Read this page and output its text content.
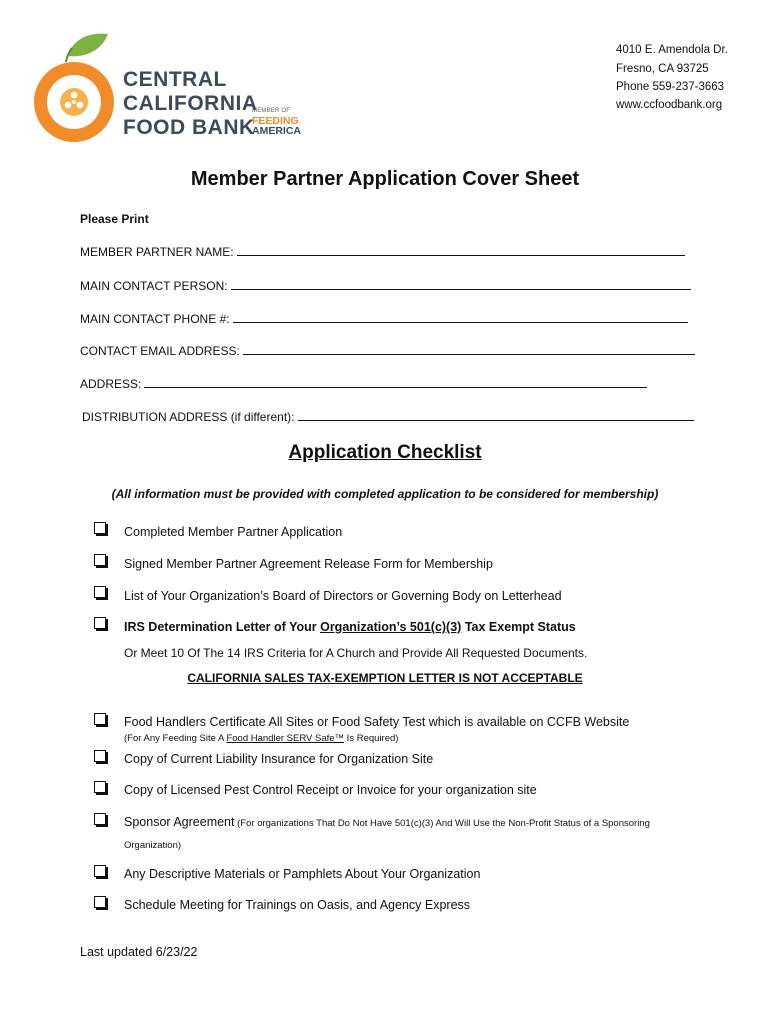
CENTRAL
CALIFORNIA
FOOD BANK
MEMBER OF
FEEDING
AMERICA
4010 E. Amendola Dr.
Fresno, CA 93725
Phone 559-237-3663
www.ccfoodbank.org
Member Partner Application Cover Sheet
Please Print
MEMBER PARTNER NAME:
MAIN CONTACT PERSON:
MAIN CONTACT PHONE #:
CONTACT EMAIL ADDRESS:
ADDRESS:
DISTRIBUTION ADDRESS (if different):
Application Checklist
(All information must be provided with completed application to be considered for membership)
Completed Member Partner Application
Signed Member Partner Agreement Release Form for Membership
List of Your Organization’s Board of Directors or Governing Body on Letterhead
IRS Determination Letter of Your Organization’s 501(c)(3) Tax Exempt Status
Or Meet 10 Of The 14 IRS Criteria for A Church and Provide All Requested Documents.
CALIFORNIA SALES TAX-EXEMPTION LETTER IS NOT ACCEPTABLE
Food Handlers Certificate All Sites or Food Safety Test which is available on CCFB Website
(For Any Feeding Site A Food Handler SERV Safe™ Is Required)
Copy of Current Liability Insurance for Organization Site
Copy of Licensed Pest Control Receipt or Invoice for your organization site
Sponsor Agreement (For organizations That Do Not Have 501(c)(3) And Will Use the Non-Profit Status of a Sponsoring
Organization)
Any Descriptive Materials or Pamphlets About Your Organization
Schedule Meeting for Trainings on Oasis, and Agency Express
Last updated 6/23/22
